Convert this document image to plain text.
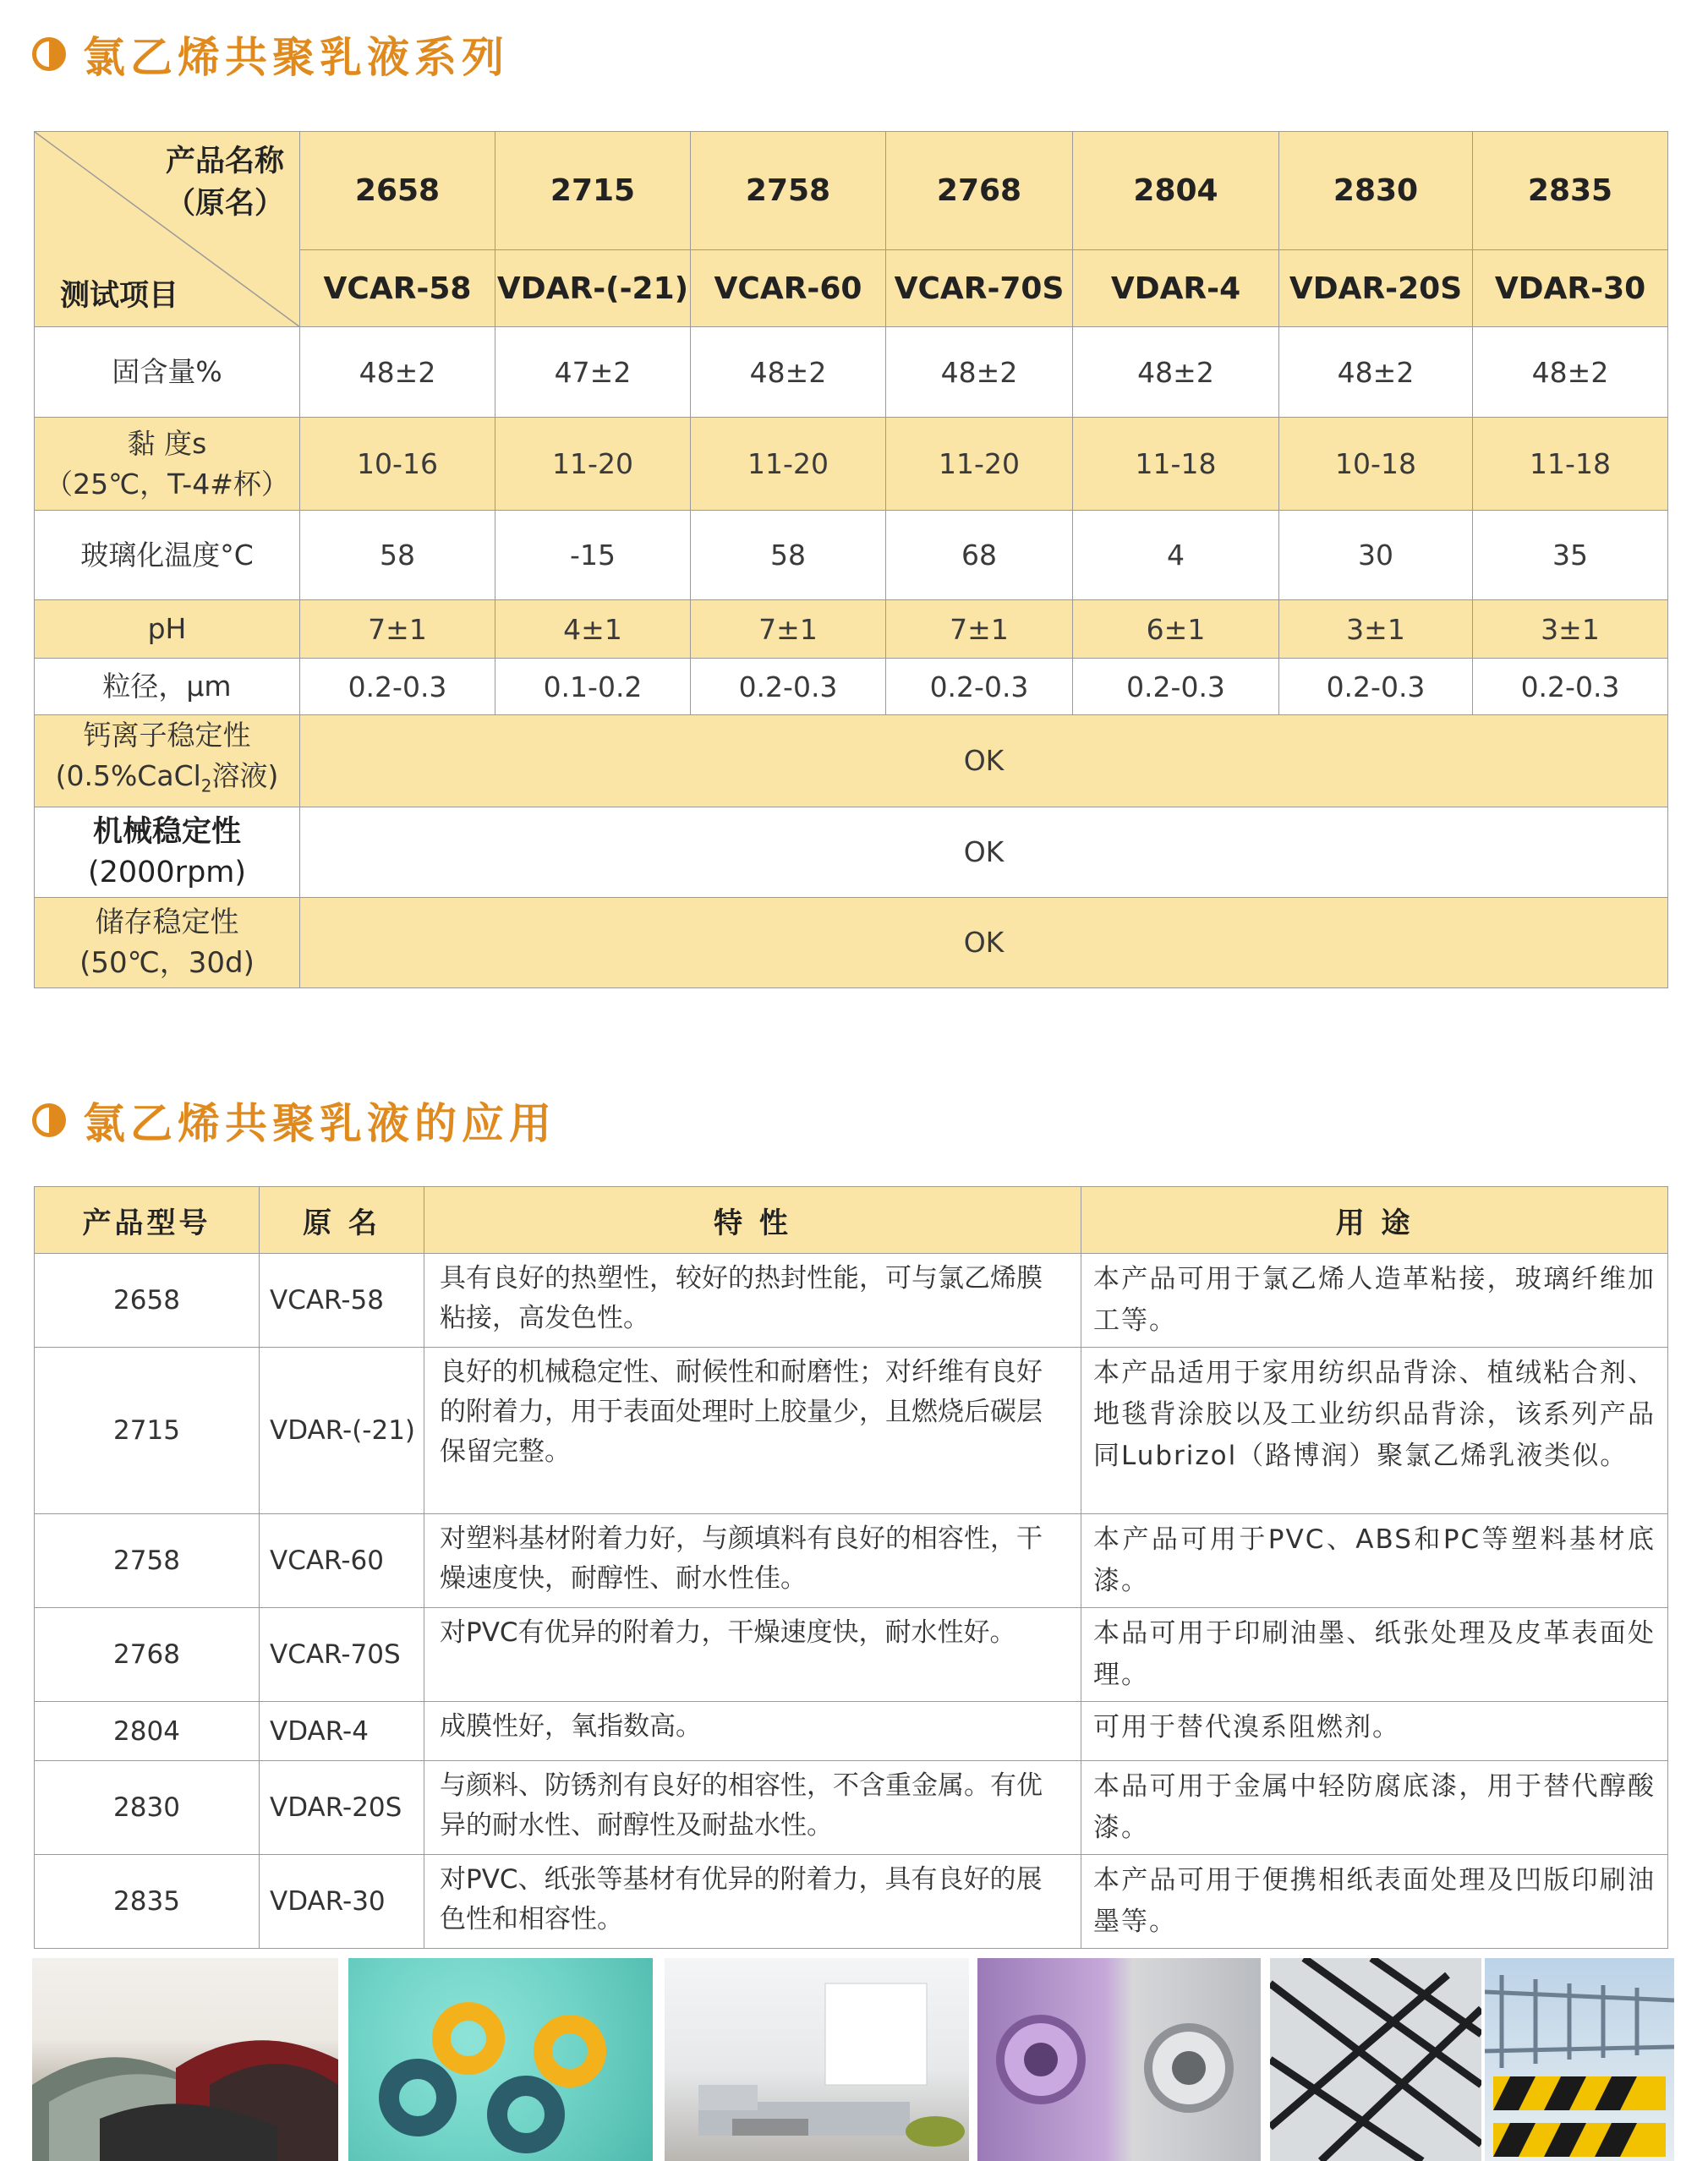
氯乙烯共聚乳液系列
产品名称
（原名）
测试项目	2658	2715	2758	2768	2804	2830	2835
	VCAR-58	VDAR-(-21)	VCAR-60	VCAR-70S	VDAR-4	VDAR-20S	VDAR-30
固含量%	48±2	47±2	48±2	48±2	48±2	48±2	48±2

黏 度s
（25℃，T-4#杯）	10-16	11-20	11-20	11-20	11-18	10-18	11-18
玻璃化温度°C	58	-15	58	68	4	30	35
pH	7±1	4±1	7±1	7±1	6±1	3±1	3±1
粒径，μm	0.2-0.3	0.1-0.2	0.2-0.3	0.2-0.3	0.2-0.3	0.2-0.3	0.2-0.3

钙离子稳定性
(0.5%CaCl$_2$溶液)	OK						

机械稳定性
(2000rpm)	OK						

储存稳定性
(50℃，30d)	OK						
氯乙烯共聚乳液的应用
产品型号	原 名	特 性	用 途
2658	VCAR-58	具有良好的热塑性，较好的热封性能，可与氯乙烯膜粘接，高发色性。	本产品可用于氯乙烯人造革粘接，玻璃纤维加工等。
2715	VDAR-(-21)	良好的机械稳定性、耐候性和耐磨性；对纤维有良好的附着力，用于表面处理时上胶量少，且燃烧后碳层保留完整。	本产品适用于家用纺织品背涂、植绒粘合剂、地毯背涂胶以及工业纺织品背涂，该系列产品同Lubrizol（路博润）聚氯乙烯乳液类似。
2758	VCAR-60	对塑料基材附着力好，与颜填料有良好的相容性，干燥速度快，耐醇性、耐水性佳。	本产品可用于PVC、ABS和PC等塑料基材底漆。
2768	VCAR-70S	对PVC有优异的附着力，干燥速度快，耐水性好。	本品可用于印刷油墨、纸张处理及皮革表面处理。
2804	VDAR-4	成膜性好，氧指数高。	可用于替代溴系阻燃剂。
2830	VDAR-20S	与颜料、防锈剂有良好的相容性，不含重金属。有优异的耐水性、耐醇性及耐盐水性。	本品可用于金属中轻防腐底漆，用于替代醇酸漆。
2835	VDAR-30	对PVC、纸张等基材有优异的附着力，具有良好的展色性和相容性。	本产品可用于便携相纸表面处理及凹版印刷油墨等。
